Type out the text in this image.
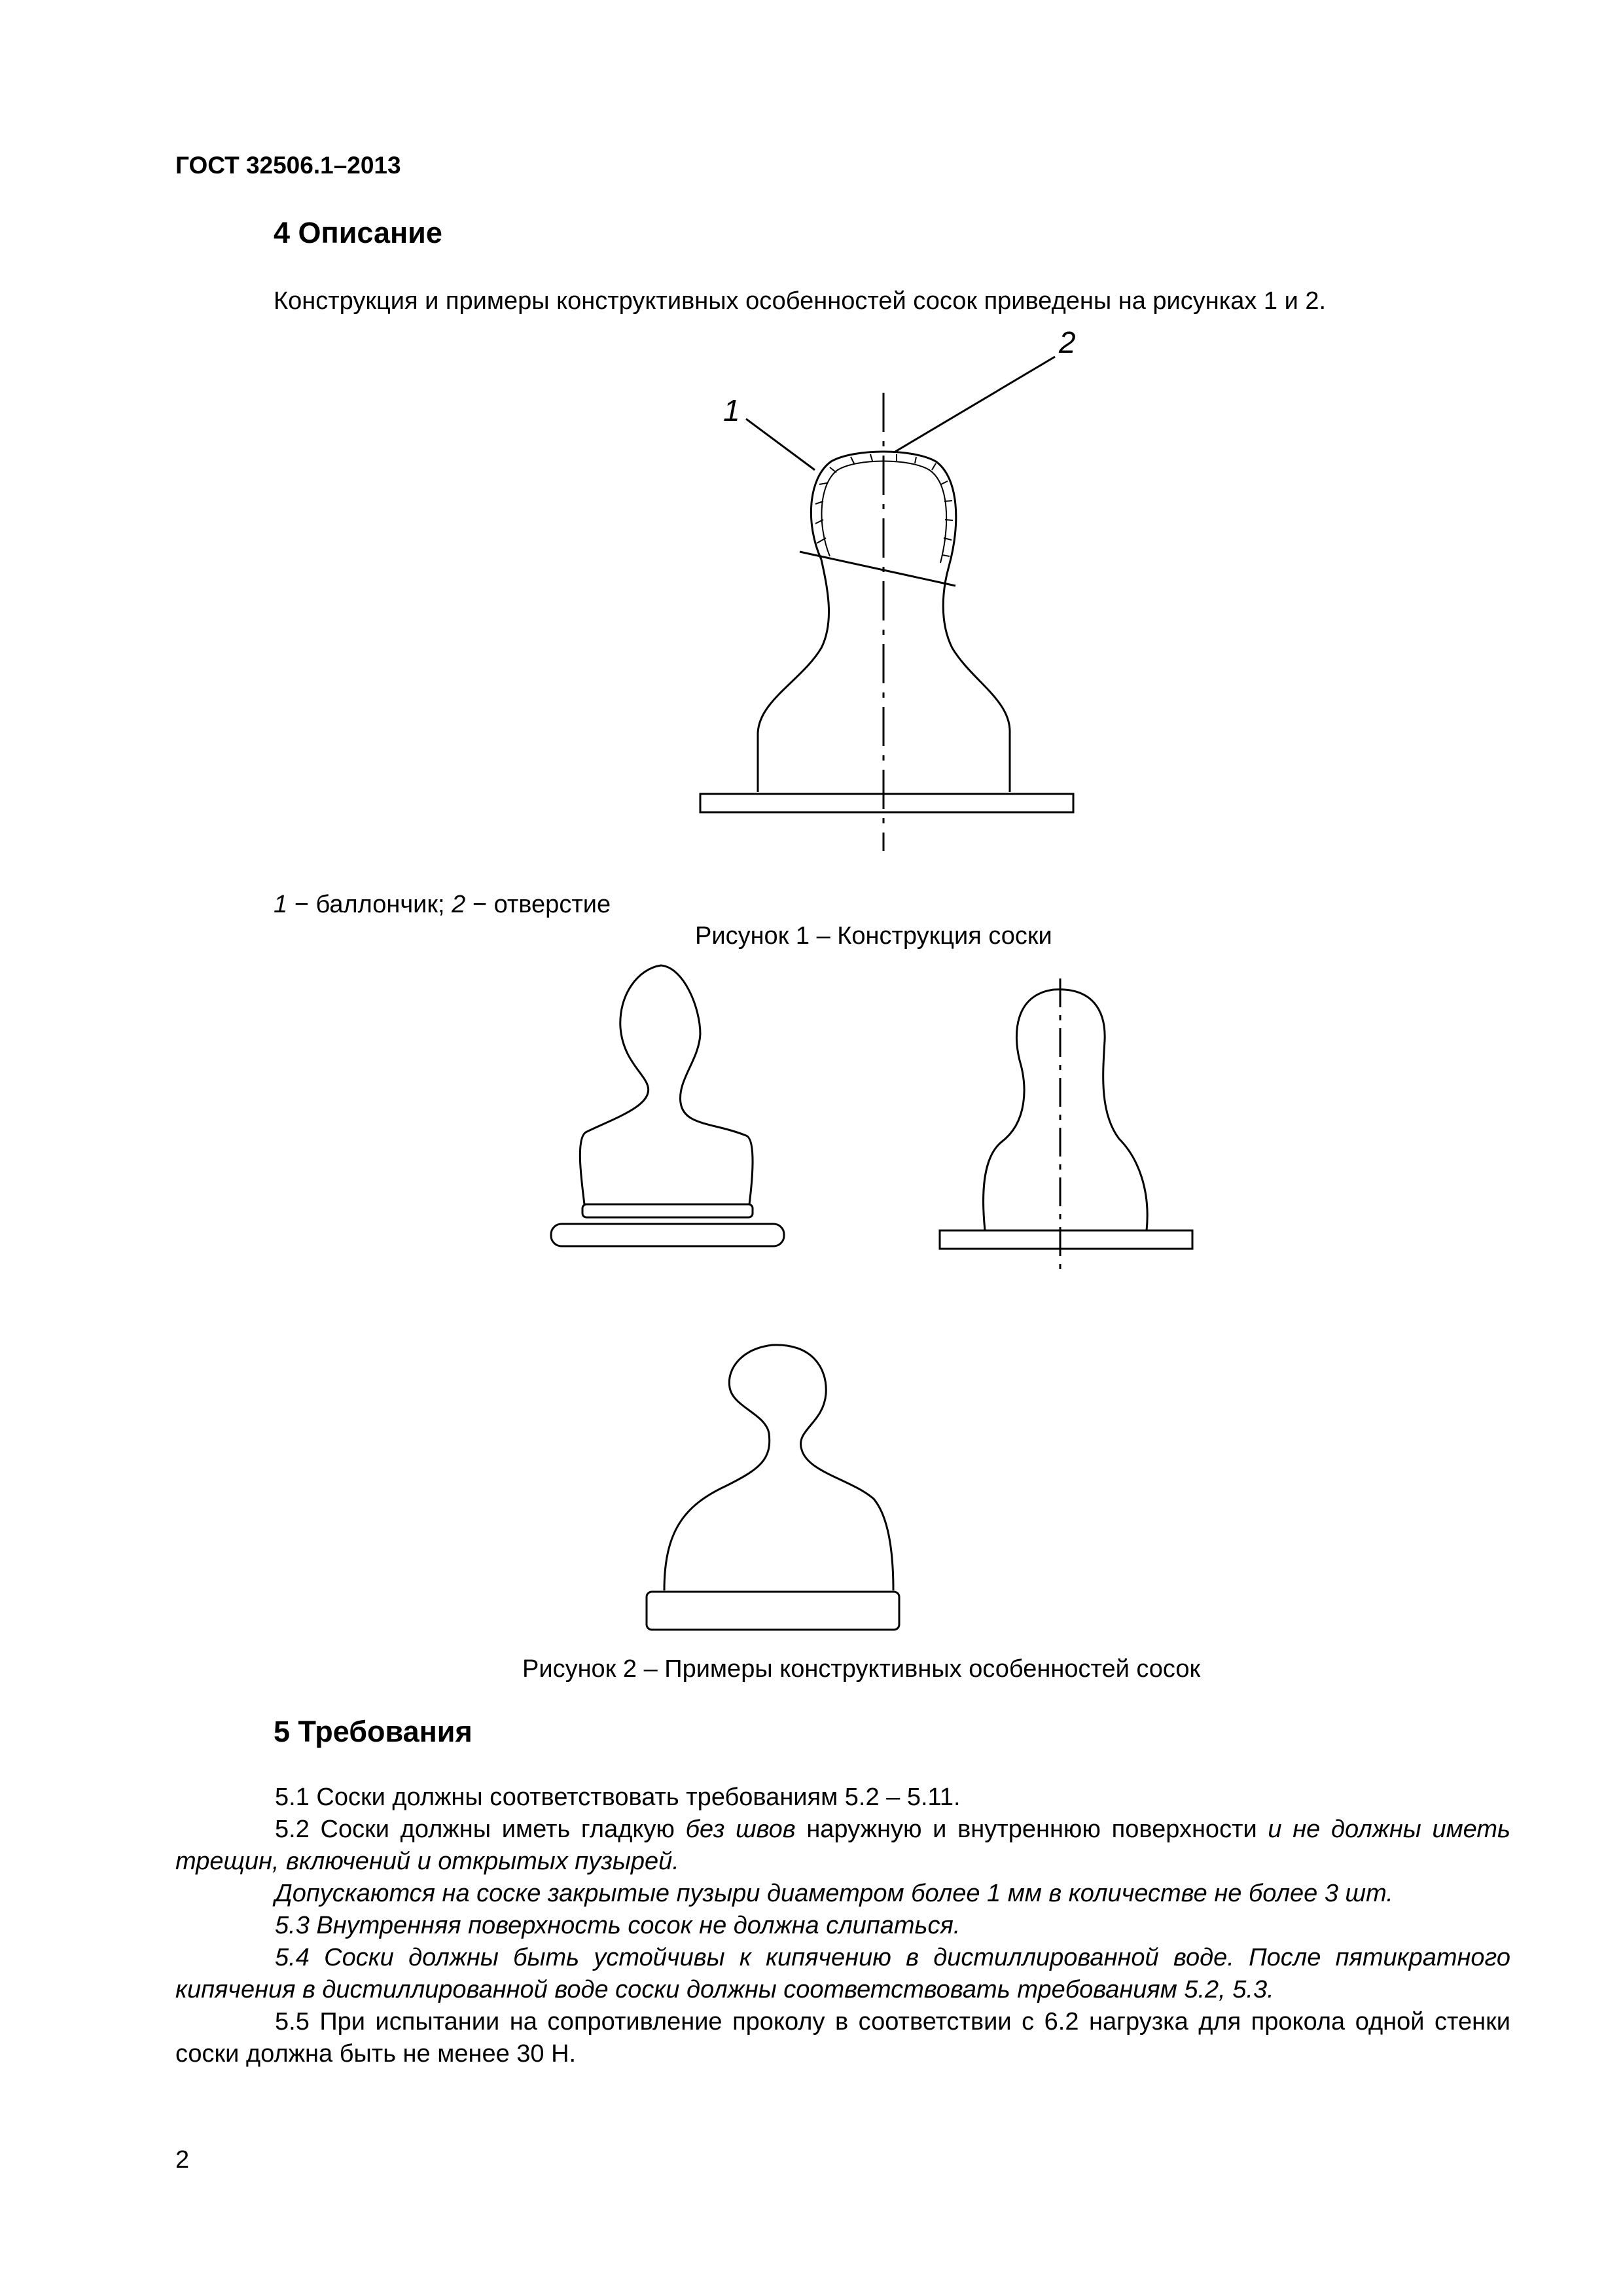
ГОСТ 32506.1–2013
4 Описание
Конструкция и примеры конструктивных особенностей сосок приведены на рисунках 1 и 2.
1
2
1 − баллончик; 2 − отверстие
Рисунок 1 – Конструкция соски
Рисунок 2 – Примеры конструктивных особенностей сосок
5 Требования
5.1 Соски должны соответствовать требованиям 5.2 – 5.11.
5.2 Соски должны иметь гладкую без швов наружную и внутреннюю поверхности и не должны иметь трещин, включений и открытых пузырей.
Допускаются на соске закрытые пузыри диаметром более 1 мм в количестве не более 3 шт.
5.3 Внутренняя поверхность сосок не должна слипаться.
5.4 Соски должны быть устойчивы к кипячению в дистиллированной воде. После пятикратного кипячения в дистиллированной воде соски должны соответствовать требованиям 5.2, 5.3.
5.5 При испытании на сопротивление проколу в соответствии с 6.2 нагрузка для прокола одной стенки соски должна быть не менее 30 Н.
2
